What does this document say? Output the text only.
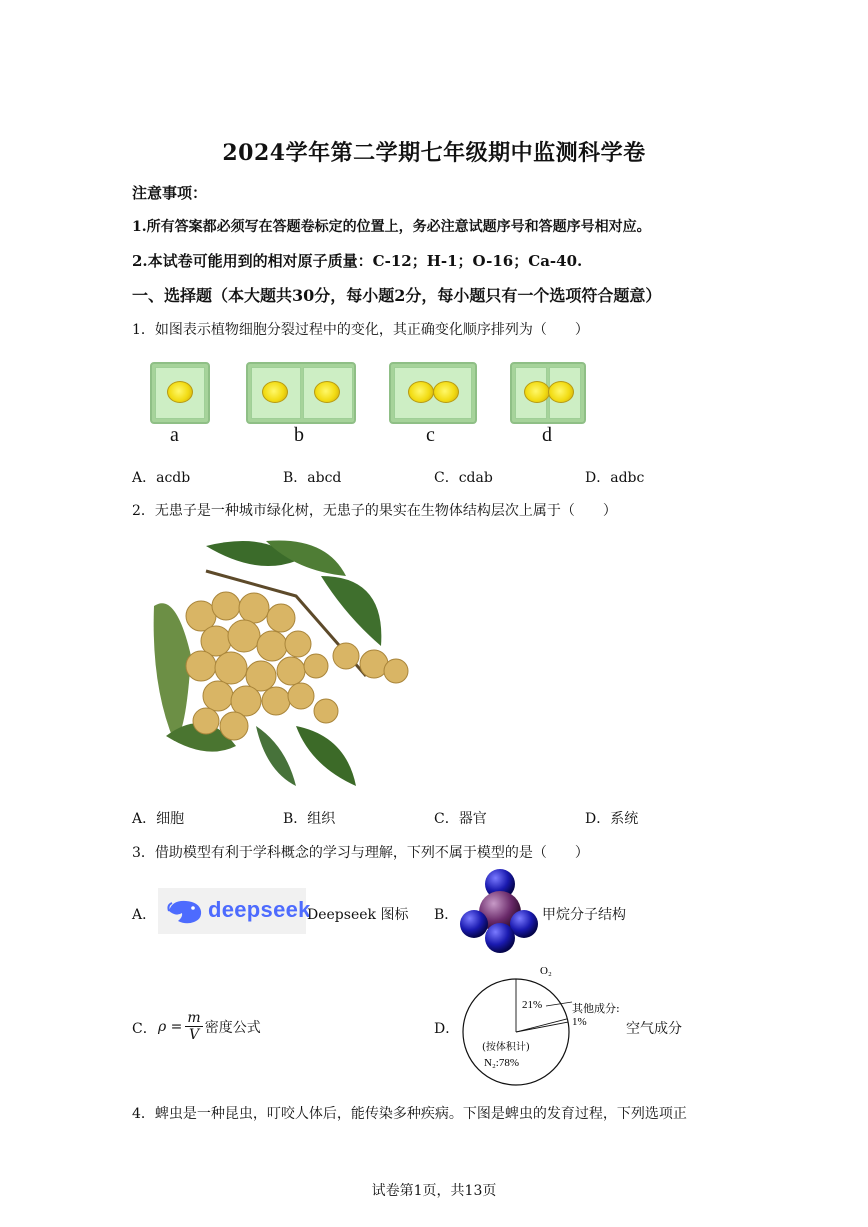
2024学年第二学期七年级期中监测科学卷
注意事项：
1.所有答案都必须写在答题卷标定的位置上，务必注意试题序号和答题序号相对应。
2.本试卷可能用到的相对原子质量：C-12；H-1；O-16；Ca-40.
一、选择题（本大题共30分，每小题2分，每小题只有一个选项符合题意）
1．如图表示植物细胞分裂过程中的变化，其正确变化顺序排列为（　　）
a	b	c	d
A．acdb	B．abcd	C．cdab	D．adbc
2．无患子是一种城市绿化树，无患子的果实在生物体结构层次上属于（　　）
A．细胞	B．组织	C．器官	D．系统
3．借助模型有利于学科概念的学习与理解，下列不属于模型的是（　　）
A． deepseek
Deepseek 图标 B．	甲烷分子结构
C． $\rho = \frac{m}{V}$ 密度公式	D．
O₂
21%	其他成分:
1%
(按体积计)
N₂:78%
空气成分
4．蜱虫是一种昆虫，叮咬人体后，能传染多种疾病。下图是蜱虫的发育过程，下列选项正
试卷第1页，共13页
